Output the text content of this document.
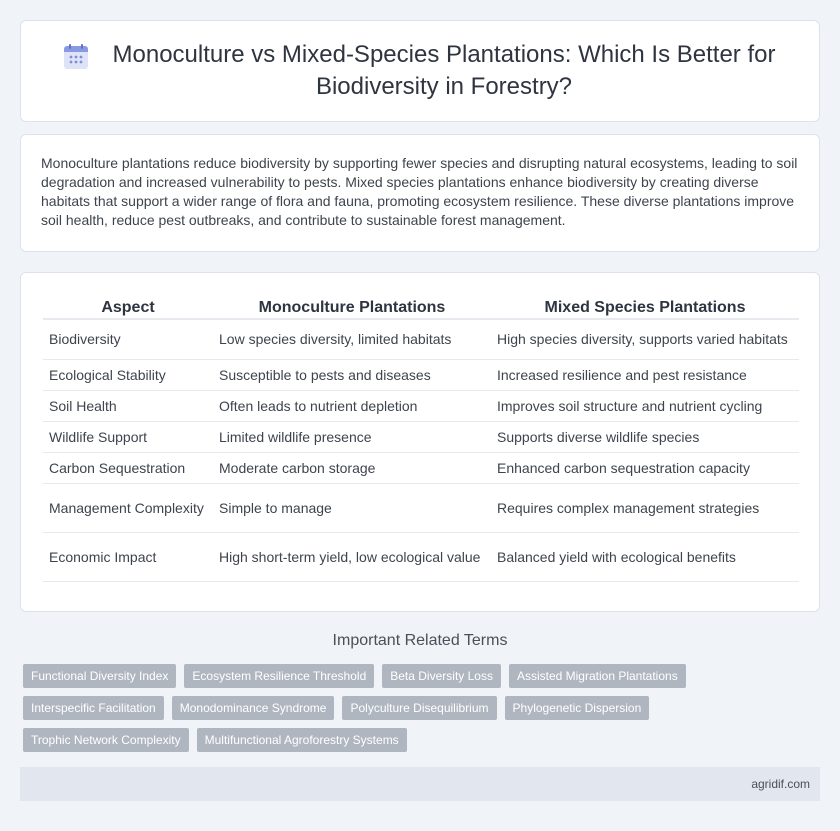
Monoculture vs Mixed-Species Plantations: Which Is Better for Biodiversity in Forestry?

Monoculture plantations reduce biodiversity by supporting fewer species and disrupting natural ecosystems, leading to soil degradation and increased vulnerability to pests. Mixed species plantations enhance biodiversity by creating diverse habitats that support a wider range of flora and fauna, promoting ecosystem resilience. These diverse plantations improve soil health, reduce pest outbreaks, and contribute to sustainable forest management.

Aspect	Monoculture Plantations	Mixed Species Plantations
Biodiversity	Low species diversity, limited habitats	High species diversity, supports varied habitats
Ecological Stability	Susceptible to pests and diseases	Increased resilience and pest resistance
Soil Health	Often leads to nutrient depletion	Improves soil structure and nutrient cycling
Wildlife Support	Limited wildlife presence	Supports diverse wildlife species
Carbon Sequestration	Moderate carbon storage	Enhanced carbon sequestration capacity
Management Complexity	Simple to manage	Requires complex management strategies
Economic Impact	High short-term yield, low ecological value	Balanced yield with ecological benefits
Important Related Terms
Functional Diversity Index	Ecosystem Resilience Threshold	Beta Diversity Loss	Assisted Migration Plantations
Interspecific Facilitation	Monodominance Syndrome	Polyculture Disequilibrium	Phylogenetic Dispersion
Trophic Network Complexity	Multifunctional Agroforestry Systems
agridif.com
